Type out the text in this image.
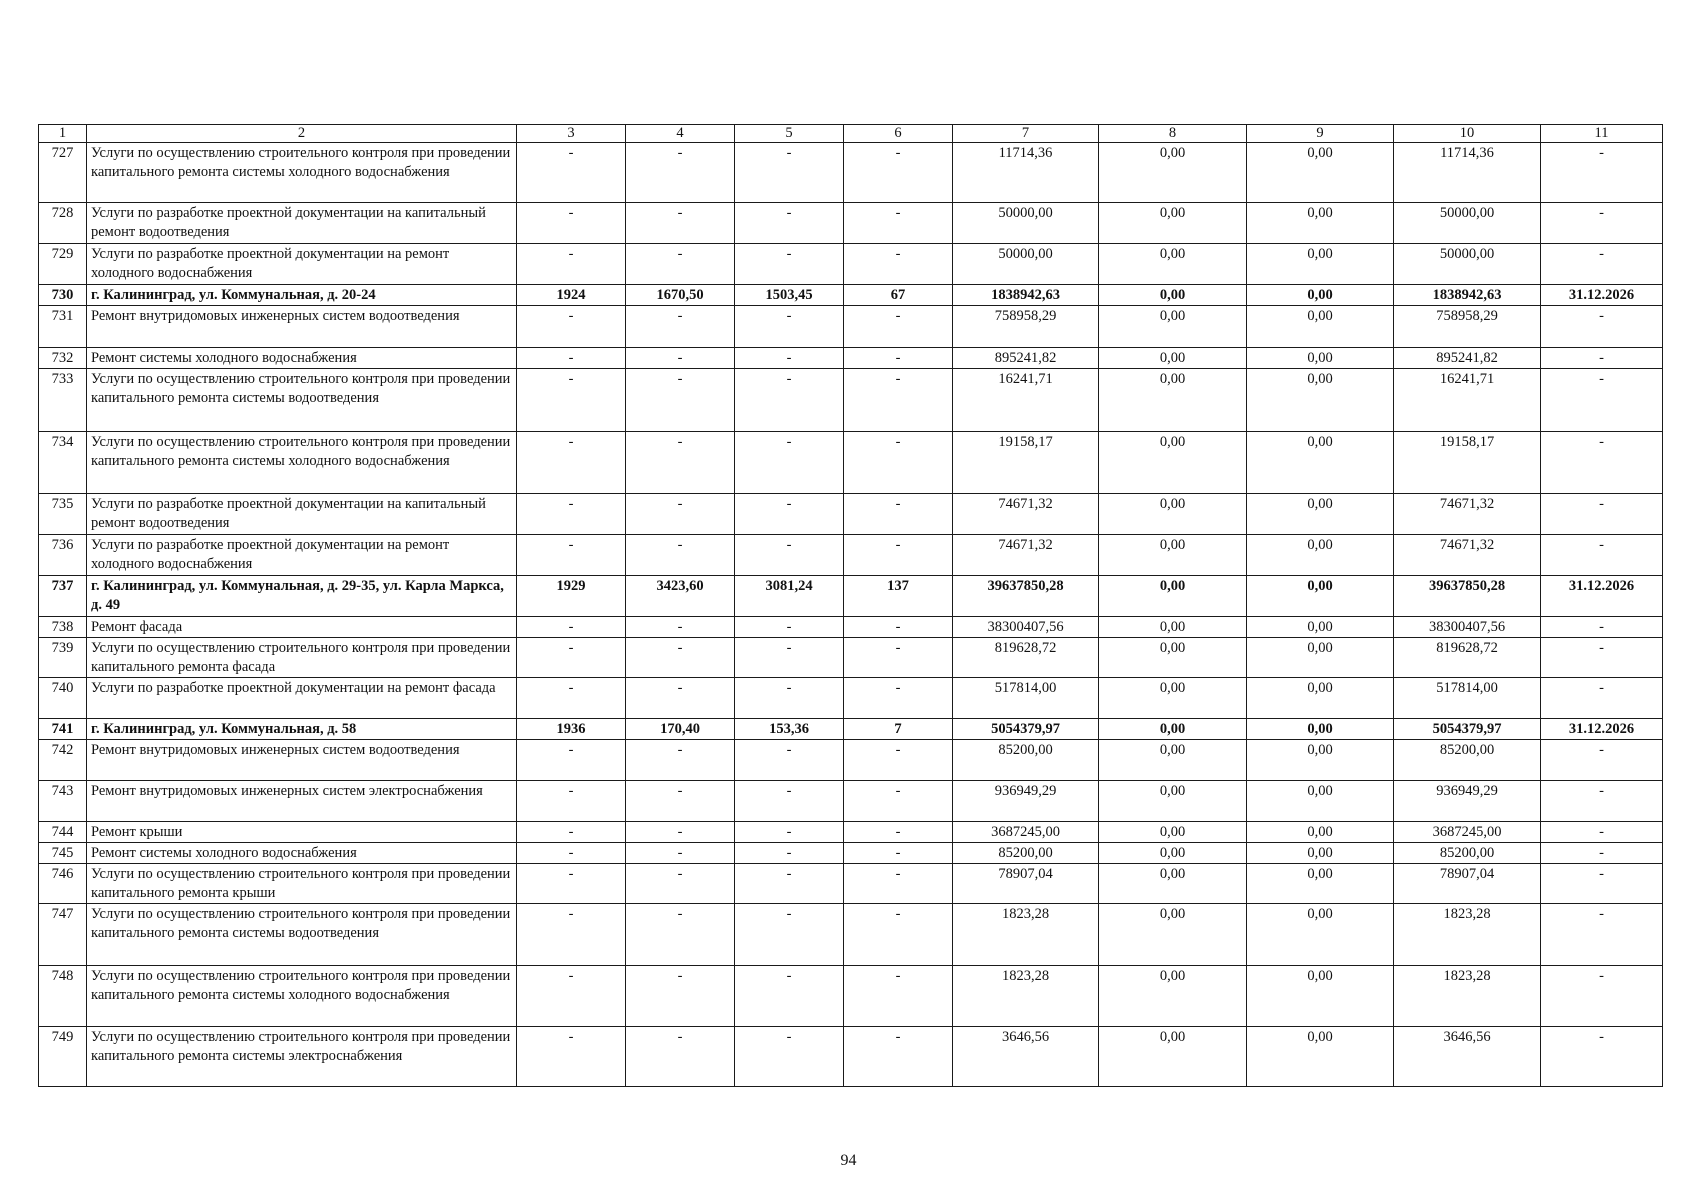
1	2	3	4	5	6	7	8	9	10	11
727	Услуги по осуществлению строительного контроля при проведении капитального ремонта системы холодного водоснабжения	-	-	-	-	11714,36	0,00	0,00	11714,36	-
728	Услуги по разработке проектной документации на капитальный ремонт водоотведения	-	-	-	-	50000,00	0,00	0,00	50000,00	-
729	Услуги по разработке проектной документации на ремонт холодного водоснабжения	-	-	-	-	50000,00	0,00	0,00	50000,00	-
730	г. Калининград, ул. Коммунальная, д. 20-24	1924	1670,50	1503,45	67	1838942,63	0,00	0,00	1838942,63	31.12.2026
731	Ремонт внутридомовых инженерных систем водоотведения	-	-	-	-	758958,29	0,00	0,00	758958,29	-
732	Ремонт системы холодного водоснабжения	-	-	-	-	895241,82	0,00	0,00	895241,82	-
733	Услуги по осуществлению строительного контроля при проведении капитального ремонта системы водоотведения	-	-	-	-	16241,71	0,00	0,00	16241,71	-
734	Услуги по осуществлению строительного контроля при проведении капитального ремонта системы холодного водоснабжения	-	-	-	-	19158,17	0,00	0,00	19158,17	-
735	Услуги по разработке проектной документации на капитальный ремонт водоотведения	-	-	-	-	74671,32	0,00	0,00	74671,32	-
736	Услуги по разработке проектной документации на ремонт холодного водоснабжения	-	-	-	-	74671,32	0,00	0,00	74671,32	-
737	г. Калининград, ул. Коммунальная, д. 29-35, ул. Карла Маркса, д. 49	1929	3423,60	3081,24	137	39637850,28	0,00	0,00	39637850,28	31.12.2026
738	Ремонт фасада	-	-	-	-	38300407,56	0,00	0,00	38300407,56	-
739	Услуги по осуществлению строительного контроля при проведении капитального ремонта фасада	-	-	-	-	819628,72	0,00	0,00	819628,72	-
740	Услуги по разработке проектной документации на ремонт фасада	-	-	-	-	517814,00	0,00	0,00	517814,00	-
741	г. Калининград, ул. Коммунальная, д. 58	1936	170,40	153,36	7	5054379,97	0,00	0,00	5054379,97	31.12.2026
742	Ремонт внутридомовых инженерных систем водоотведения	-	-	-	-	85200,00	0,00	0,00	85200,00	-
743	Ремонт внутридомовых инженерных систем электроснабжения	-	-	-	-	936949,29	0,00	0,00	936949,29	-
744	Ремонт крыши	-	-	-	-	3687245,00	0,00	0,00	3687245,00	-
745	Ремонт системы холодного водоснабжения	-	-	-	-	85200,00	0,00	0,00	85200,00	-
746	Услуги по осуществлению строительного контроля при проведении капитального ремонта крыши	-	-	-	-	78907,04	0,00	0,00	78907,04	-
747	Услуги по осуществлению строительного контроля при проведении капитального ремонта системы водоотведения	-	-	-	-	1823,28	0,00	0,00	1823,28	-
748	Услуги по осуществлению строительного контроля при проведении капитального ремонта системы холодного водоснабжения	-	-	-	-	1823,28	0,00	0,00	1823,28	-
749	Услуги по осуществлению строительного контроля при проведении капитального ремонта системы электроснабжения	-	-	-	-	3646,56	0,00	0,00	3646,56	-
94
